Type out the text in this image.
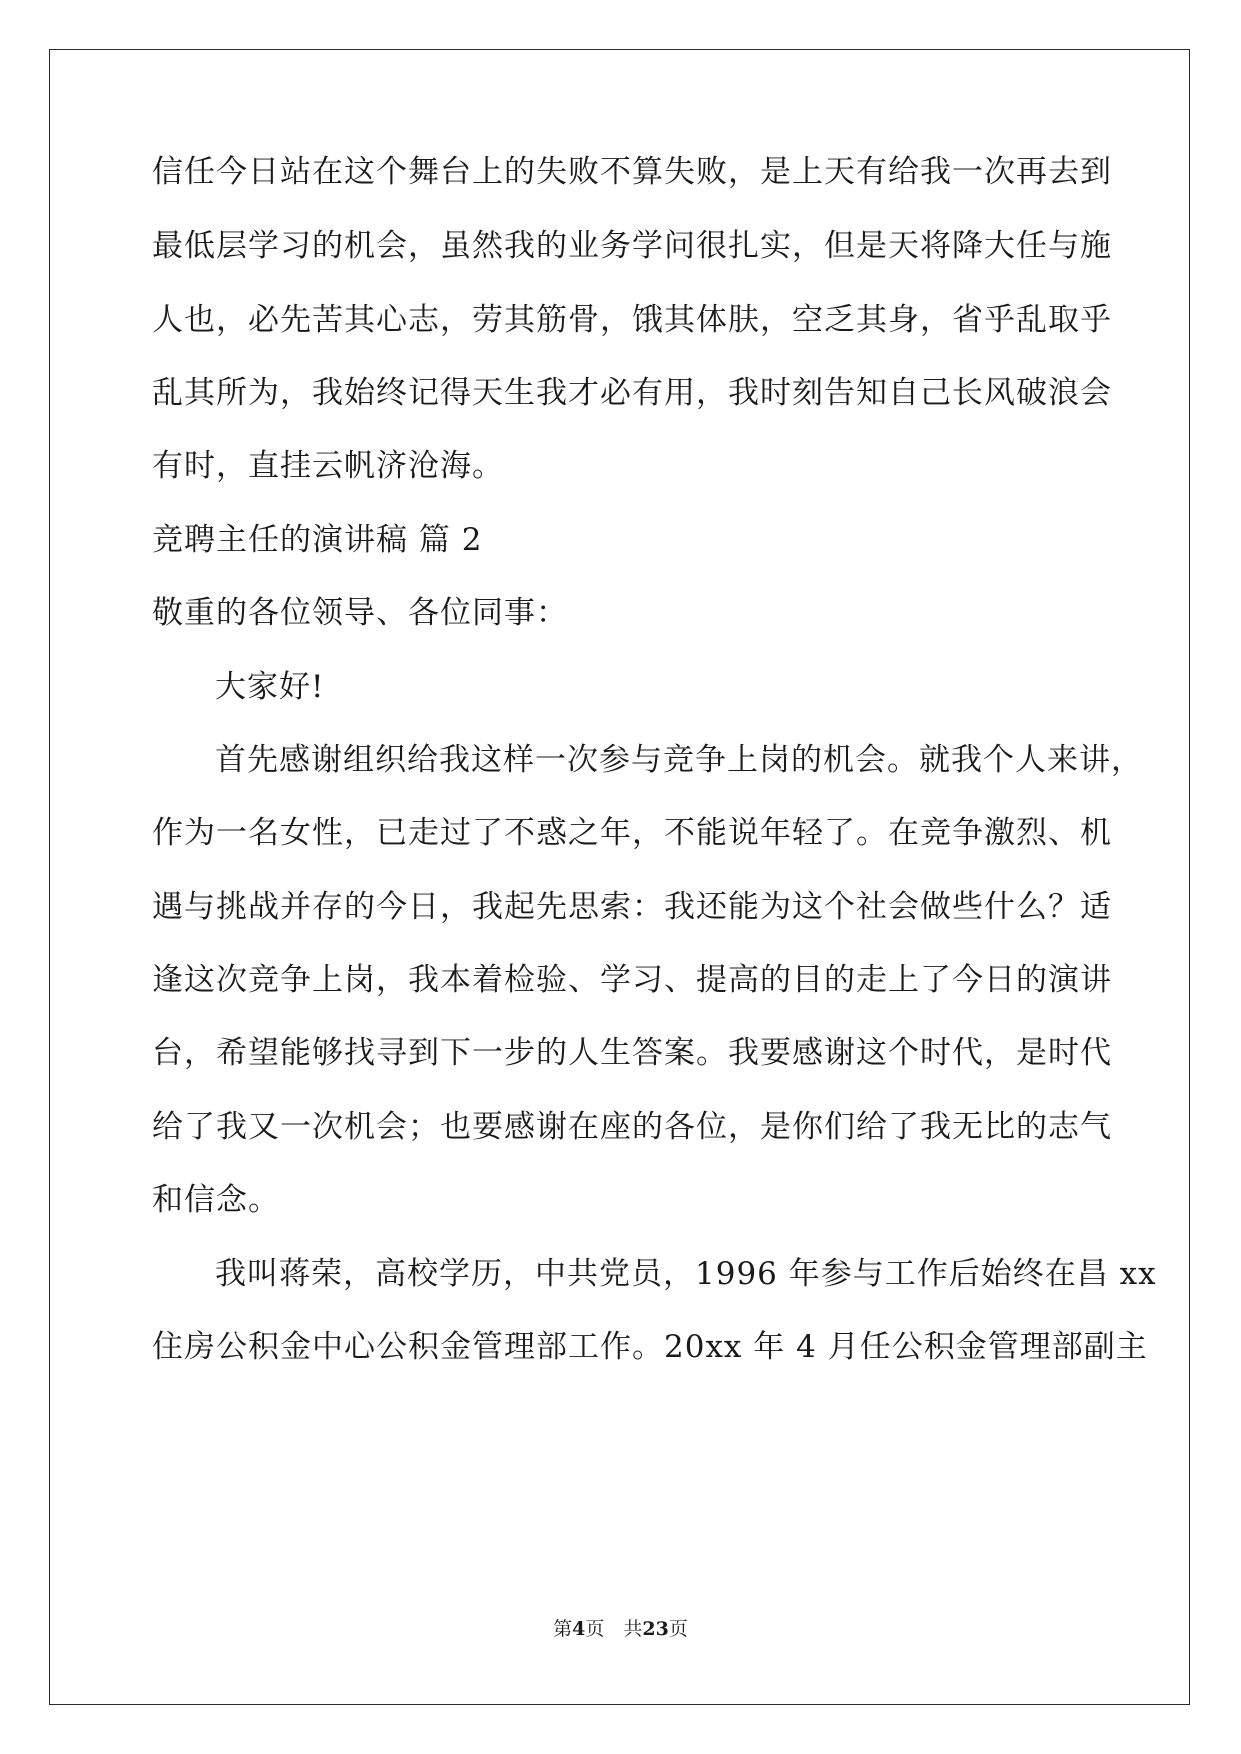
信任今日站在这个舞台上的失败不算失败，是上天有给我一次再去到
最低层学习的机会，虽然我的业务学问很扎实，但是天将降大任与施
人也，必先苦其心志，劳其筋骨，饿其体肤，空乏其身，省乎乱取乎
乱其所为，我始终记得天生我才必有用，我时刻告知自己长风破浪会
有时，直挂云帆济沧海。
竞聘主任的演讲稿 篇 2
敬重的各位领导、各位同事：
大家好!
首先感谢组织给我这样一次参与竞争上岗的机会。就我个人来讲，
作为一名女性，已走过了不惑之年，不能说年轻了。在竞争激烈、机
遇与挑战并存的今日，我起先思索：我还能为这个社会做些什么？适
逢这次竞争上岗，我本着检验、学习、提高的目的走上了今日的演讲
台，希望能够找寻到下一步的人生答案。我要感谢这个时代，是时代
给了我又一次机会；也要感谢在座的各位，是你们给了我无比的志气
和信念。
我叫蒋荣，高校学历，中共党员，1996 年参与工作后始终在昌 xx
住房公积金中心公积金管理部工作。20xx 年 4 月任公积金管理部副主
第4页　共23页
